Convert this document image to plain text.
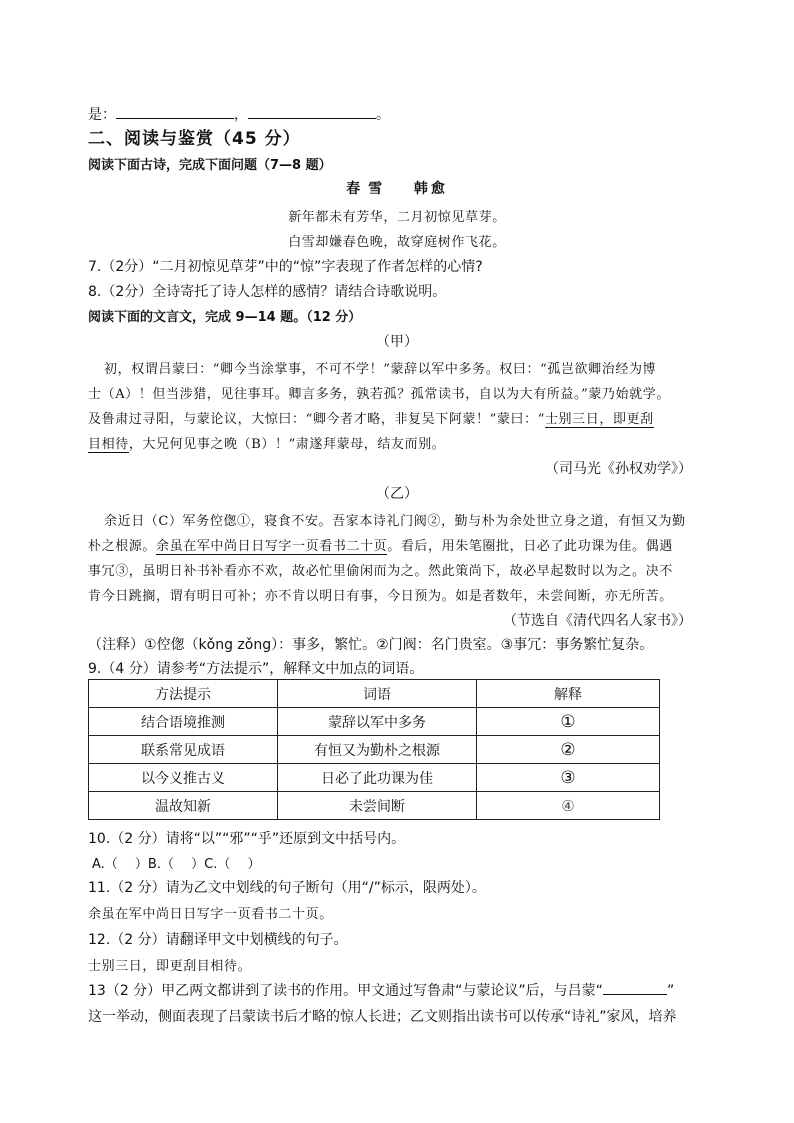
是：	，	。
二、阅读与鉴赏（45 分）
阅读下面古诗，完成下面问题（7—8 题）
春雪 韩愈
新年都未有芳华，二月初惊见草芽。
白雪却嫌春色晚，故穿庭树作飞花。
7.（2分）“二月初惊见草芽”中的“惊”字表现了作者怎样的心情?
8.（2分）全诗寄托了诗人怎样的感情？请结合诗歌说明。
阅读下面的文言文，完成 9—14 题。（12 分）
（甲）
初，权谓吕蒙曰：“卿今当涂掌事，不可不学！”蒙辞以军中多务。权曰：“孤岂欲卿治经为博
士（A）！但当涉猎，见往事耳。卿言多务，孰若孤？孤常读书，自以为大有所益。”蒙乃始就学。
及鲁肃过寻阳，与蒙论议，大惊曰：“卿今者才略，非复吴下阿蒙！”蒙曰：“士别三日，即更刮
目相待，大兄何见事之晚（B）！”肃遂拜蒙母，结友而别。
（司马光《孙权劝学》）
（乙）
余近日（C）军务倥偬①，寝食不安。吾家本诗礼门阀②，勤与朴为余处世立身之道，有恒又为勤
朴之根源。余虽在军中尚日日写字一页看书二十页。看后，用朱笔圈批，日必了此功课为佳。偶遇
事冗③，虽明日补书补看亦不欢，故必忙里偷闲而为之。然此策尚下，故必早起数时以为之。决不
肯今日跳搁，谓有明日可补；亦不肯以明日有事，今日预为。如是者数年，未尝间断，亦无所苦。
（节选自《清代四名人家书》）
（注释）①倥偬（kǒng zǒng）：事多，繁忙。②门阀：名门贵室。③事冗：事务繁忙复杂。
9.（4 分）请参考“方法提示”，解释文中加点的词语。
方法提示	词语	解释
结合语境推测	蒙辞以军中多务	①
联系常见成语	有恒又为勤朴之根源	②
以今义推古义	日必了此功课为佳	③
温故知新	未尝间断	④
10.（2 分）请将“以”“邪”“乎”还原到文中括号内。
A.（　 ）B.（　 ）C.（　 ）
11.（2 分）请为乙文中划线的句子断句（用“/”标示，限两处）。
余虽在军中尚日日写字一页看书二十页。
12.（2 分）请翻译甲文中划横线的句子。
士别三日，即更刮目相待。
13（2 分）甲乙两文都讲到了读书的作用。甲文通过写鲁肃“与蒙论议”后，与吕蒙“	”
这一举动，侧面表现了吕蒙读书后才略的惊人长进；乙文则指出读书可以传承“诗礼”家风，培养
